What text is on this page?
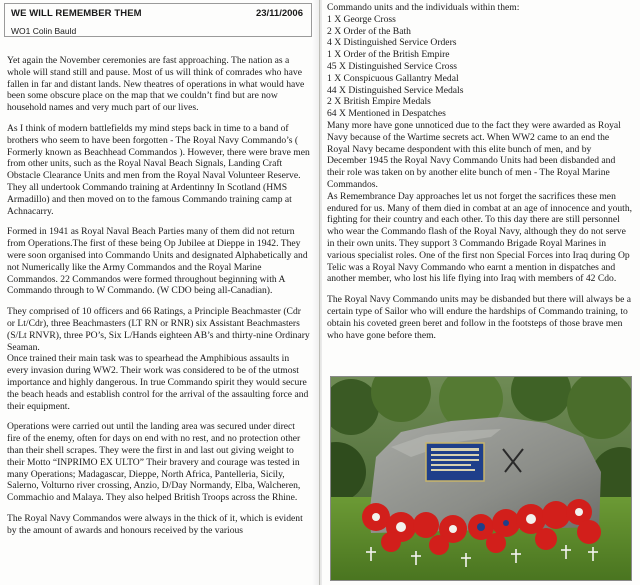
WE WILL REMEMBER THEM	23/11/2006
WO1 Colin Bauld

Yet again the November ceremonies are fast approaching. The nation as a whole will stand still and pause. Most of us will think of comrades who have fallen in far and distant lands. New theatres of operations in what would have been some obscure place on the map that we couldn’t find but are now household names and very much part of our lives.

As I think of modern battlefields my mind steps back in time to a band of brothers who seem to have been forgotten - The Royal Navy Commando’s ( Formerly known as Beachhead Commandos ). However, there were brave men from other units, such as the Royal Naval Beach Signals, Landing Craft Obstacle Clearance Units and men from the Royal Naval Volunteer Reserve. They all undertook Commando training at Ardentinny In Scotland (HMS Armadillo) and then moved on to the famous Commando training camp at Achnacarry.

Formed in 1941 as Royal Naval Beach Parties many of them did not return from Operations.The first of these being Op Jubilee at Dieppe in 1942. They were soon organised into Commando Units and designated Alphabetically and not Numerically like the Army Commandos and the Royal Marine Commandos. 22 Commandos were formed throughout beginning with A Commando through to W Commando. (W CDO being all-Canadian).

They comprised of 10 officers and 66 Ratings, a Principle Beachmaster (Cdr or Lt/Cdr), three Beachmasters (LT RN or RNR) six Assistant Beachmasters (S/Lt RNVR), three PO’s, Six L/Hands eighteen AB’s and thirty-nine Ordinary Seaman.

Once trained their main task was to spearhead the Amphibious assaults in every invasion during WW2. Their work was considered to be of the utmost importance and highly dangerous. In true Commando spirit they would secure the beach heads and establish control for the arrival of the assaulting force and their equipment.

Operations were carried out until the landing area was secured under direct fire of the enemy, often for days on end with no rest, and no protection other than their shell scrapes. They were the first in and last out giving weight to their Motto “INPRIMO EX ULTO” Their bravery and courage was tested in many Operations; Madagascar, Dieppe, North Africa, Pantelleria, Sicily, Salerno, Volturno river crossing, Anzio, D/Day Normandy, Elba, Walcheren, Commachio and Malaya. They also helped British Troops across the Rhine.

The Royal Navy Commandos were always in the thick of it, which is evident by the amount of awards and honours received by the various

Commando units and the individuals within them:

1 X George Cross
2 X Order of the Bath
4 X Distinguished Service Orders
1 X Order of the British Empire
45 X Distinguished Service Cross
1 X Conspicuous Gallantry Medal
44 X Distinguished Service Medals
2 X British Empire Medals
64 X Mentioned in Despatches

Many more have gone unnoticed due to the fact they were awarded as Royal Navy because of the Wartime secrets act. When WW2 came to an end the Royal Navy became despondent with this elite bunch of men, and by December 1945 the Royal Navy Commando Units had been disbanded and their role was taken on by another elite bunch of men - The Royal Marine Commandos.

As Remembrance Day approaches let us not forget the sacrifices these men endured for us. Many of them died in combat at an age of innocence and youth, fighting for their country and each other. To this day there are still personnel who wear the Commando flash of the Royal Navy, although they do not serve in their own units. They support 3 Commando Brigade Royal Marines in various specialist roles. One of the first non Special Forces into Iraq during Op Telic was a Royal Navy Commando who earnt a mention in dispatches and another member, who lost his life flying into Iraq with members of 42 Cdo.

The Royal Navy Commando units may be disbanded but there will always be a certain type of Sailor who will endure the hardships of Commando training, to obtain his coveted green beret and follow in the footsteps of those brave men who have gone before them.
